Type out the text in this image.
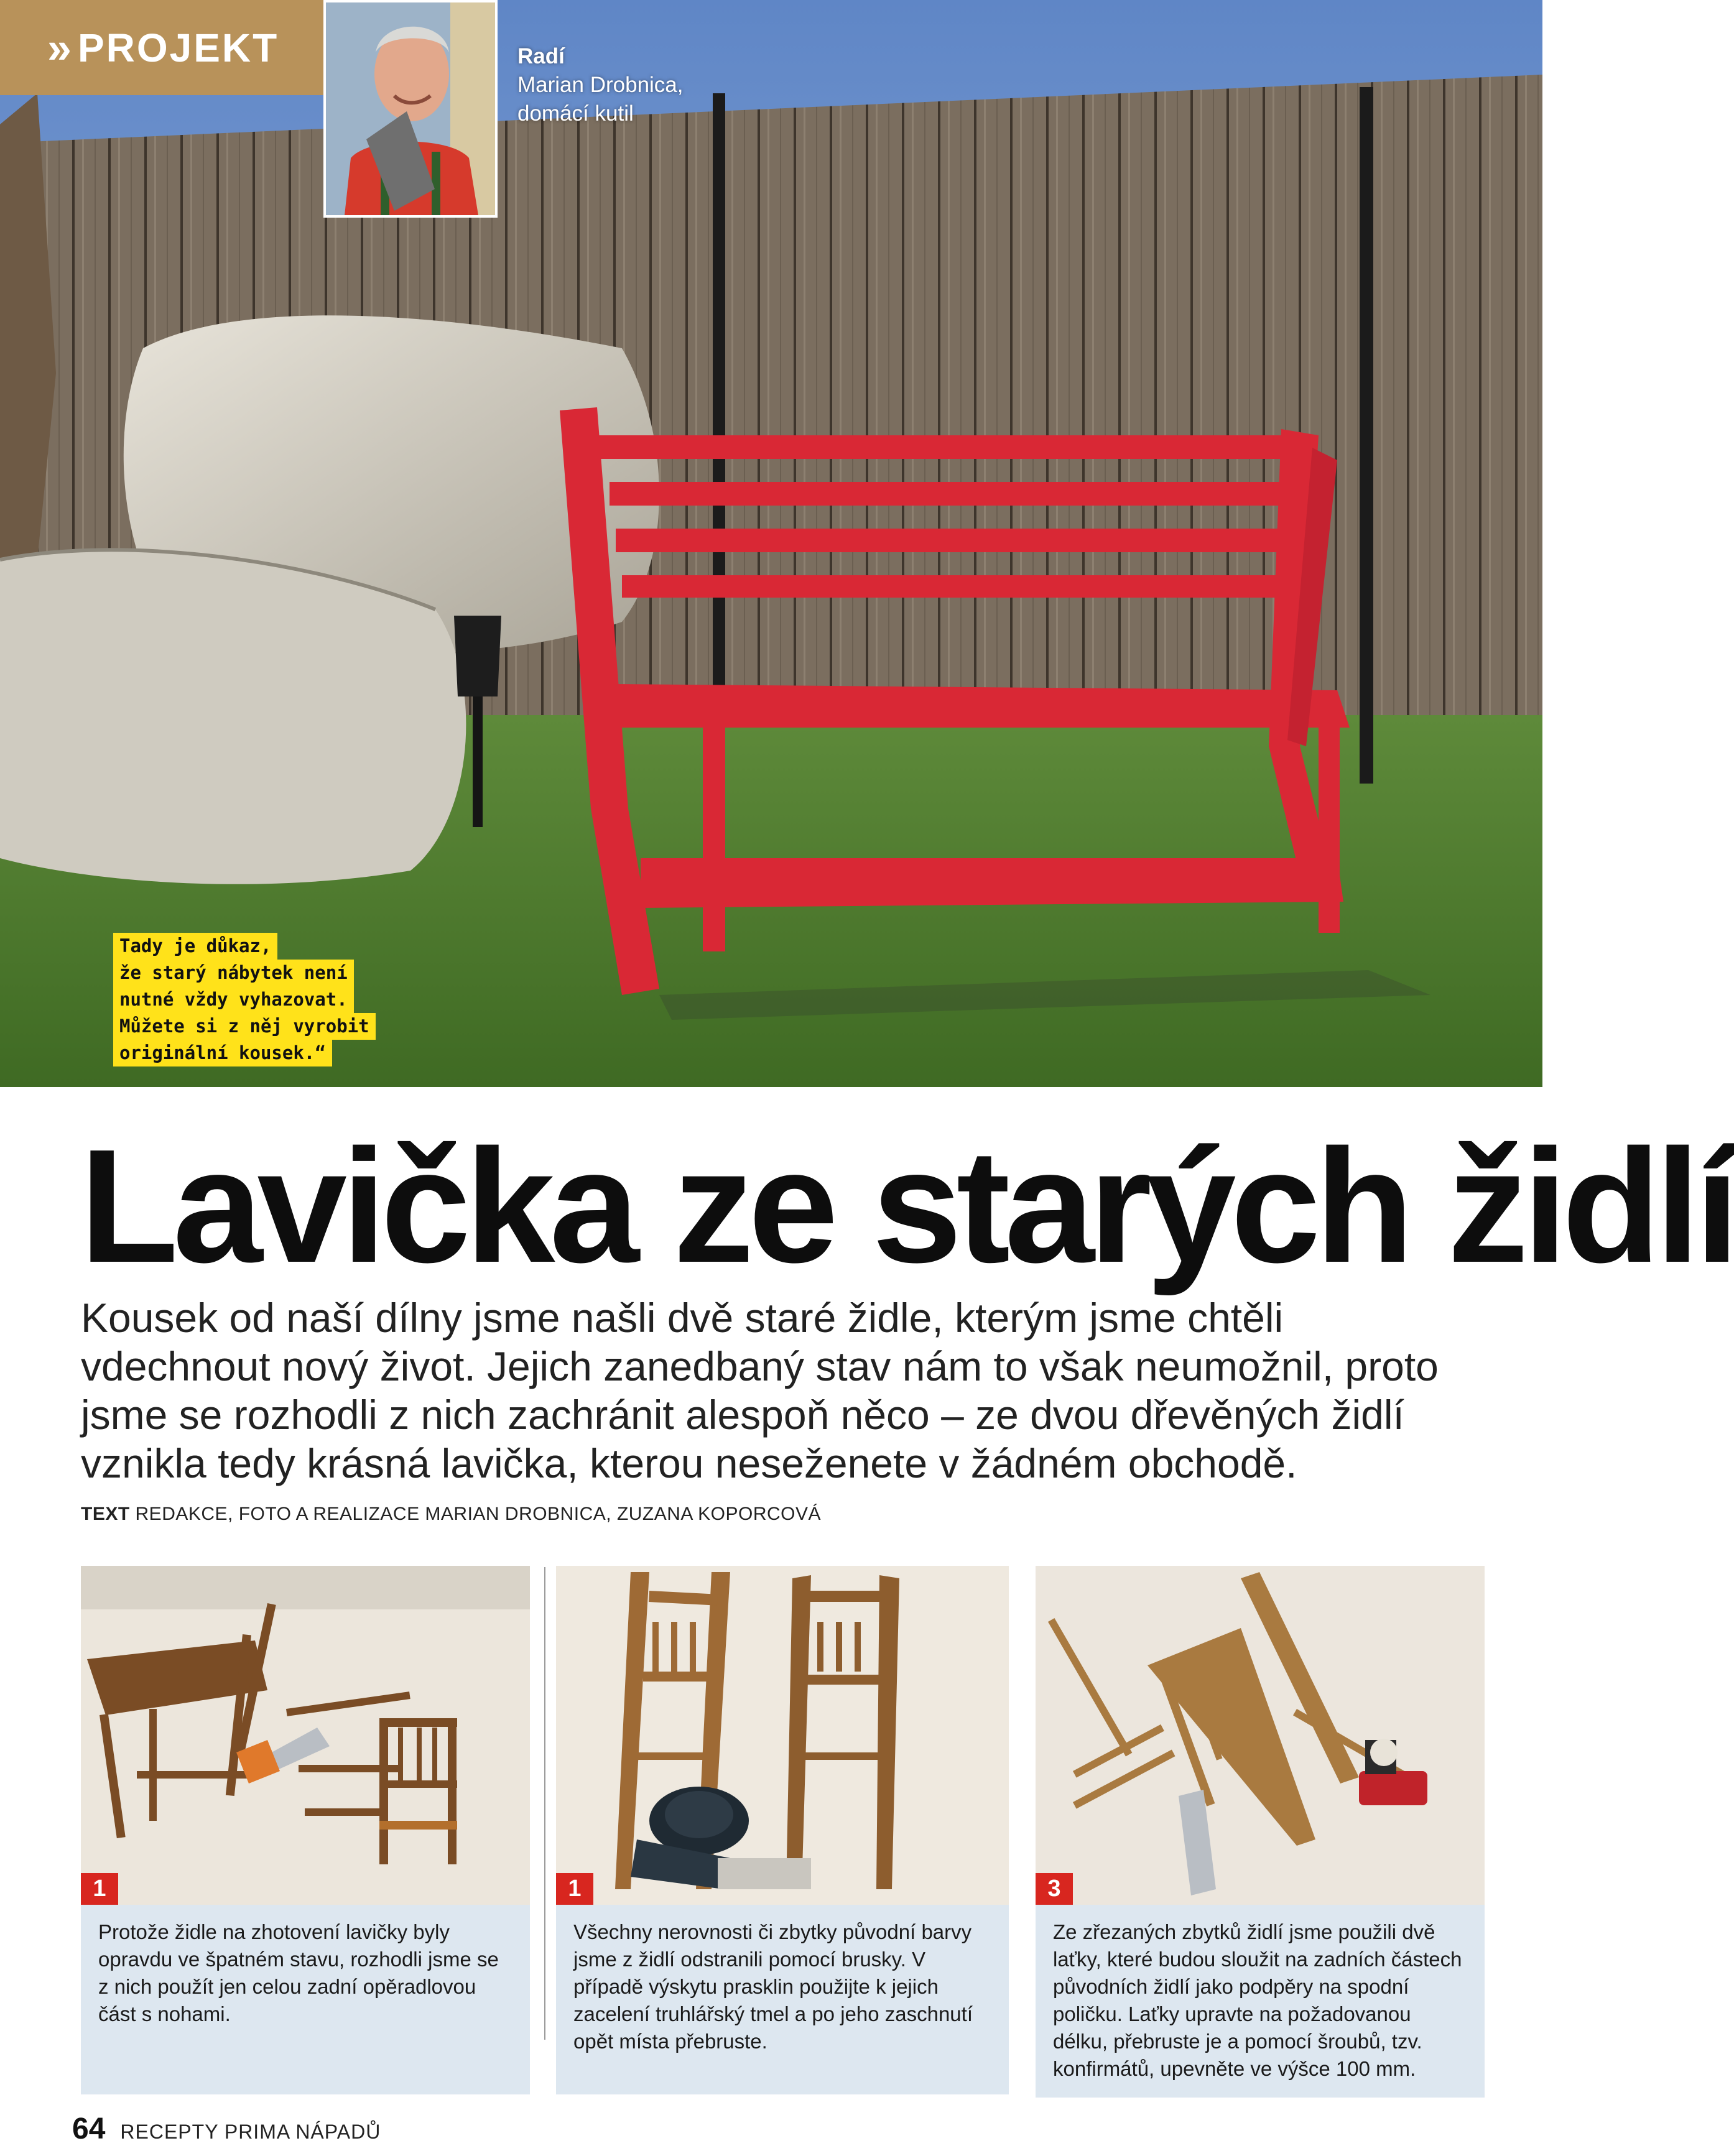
» PROJEKT	Radí
Marian Drobnica,
domácí kutil
Tady je důkaz,
že starý nábytek není
nutné vždy vyhazovat.
Můžete si z něj vyrobit
originální kousek.“
Lavička ze starých židlí
Kousek od naší dílny jsme našli dvě staré židle, kterým jsme chtěli vdechnout nový život. Jejich zanedbaný stav nám to však neumožnil, proto jsme se rozhodli z nich zachránit alespoň něco – ze dvou dřevěných židlí vznikla tedy krásná lavička, kterou neseženete v žádném obchodě.
TEXT REDAKCE, FOTO A REALIZACE MARIAN DROBNICA, ZUZANA KOPORCOVÁ
1
Protože židle na zhotovení lavičky byly opravdu ve špatném stavu, rozhodli jsme se z nich použít jen celou zadní opěradlovou část s nohami.
1
Všechny nerovnosti či zbytky původní barvy jsme z židlí odstranili pomocí brusky. V případě výskytu prasklin použijte k jejich zacelení truhlářský tmel a po jeho zaschnutí opět místa přebruste.
3
Ze zřezaných zbytků židlí jsme použili dvě laťky, které budou sloužit na zadních částech původních židlí jako podpěry na spodní poličku. Laťky upravte na požadovanou délku, přebruste je a pomocí šroubů, tzv. konfirmátů, upevněte ve výšce 100 mm.
64 RECEPTY PRIMA NÁPADŮ
